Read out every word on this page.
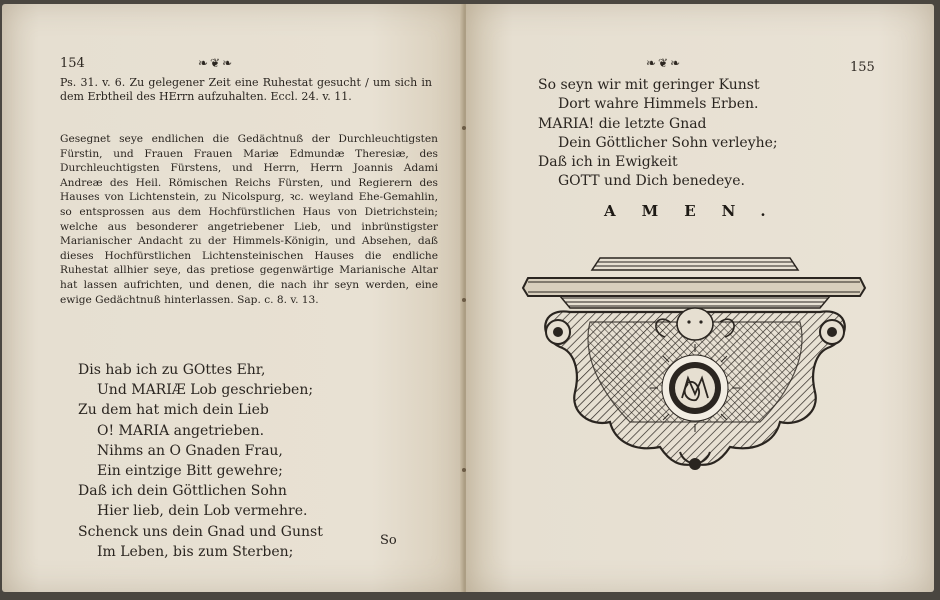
154	❧❦❧
Ps. 31. v. 6. Zu gelegener Zeit eine Ruhestat gesucht / um sich in dem Erbtheil des HErrn aufzuhalten. Eccl. 24. v. 11.

Gesegnet seye endlichen die Gedächtnuß der Durchleuchtigsten Fürstin, und Frauen Frauen Mariæ Edmundæ Theresiæ, des Durchleuchtigsten Fürstens, und Herrn, Herrn Joannis Adami Andreæ des Heil. Römischen Reichs Fürsten, und Regierern des Hauses von Lichtenstein, zu Nicolspurg, ꝛc. weyland Ehe-Gemahlin, so entsprossen aus dem Hochfürstlichen Haus von Dietrichstein; welche aus besonderer angetriebener Lieb, und inbrünstigster Marianischer Andacht zu der Himmels-Königin, und Absehen, daß dieses Hochfürstlichen Lichtensteinischen Hauses die endliche Ruhestat allhier seye, das pretiose gegenwärtige Marianische Altar hat lassen aufrichten, und denen, die nach ihr seyn werden, eine ewige Gedächtnuß hinterlassen. Sap. c. 8. v. 13.

Dis hab ich zu GOttes Ehr,
Und MARIÆ Lob geschrieben;
Zu dem hat mich dein Lieb
O! MARIA angetrieben.
Nihms an O Gnaden Frau,
Ein eintzige Bitt gewehre;
Daß ich dein Göttlichen Sohn
Hier lieb, dein Lob vermehre.
Schenck uns dein Gnad und Gunst
Im Leben, bis zum Sterben;
So
❧❦❧	155
So seyn wir mit geringer Kunst
Dort wahre Himmels Erben.
MARIA! die letzte Gnad
Dein Göttlicher Sohn verleyhe;
Daß ich in Ewigkeit
GOTT und Dich benedeye.
AMEN.
